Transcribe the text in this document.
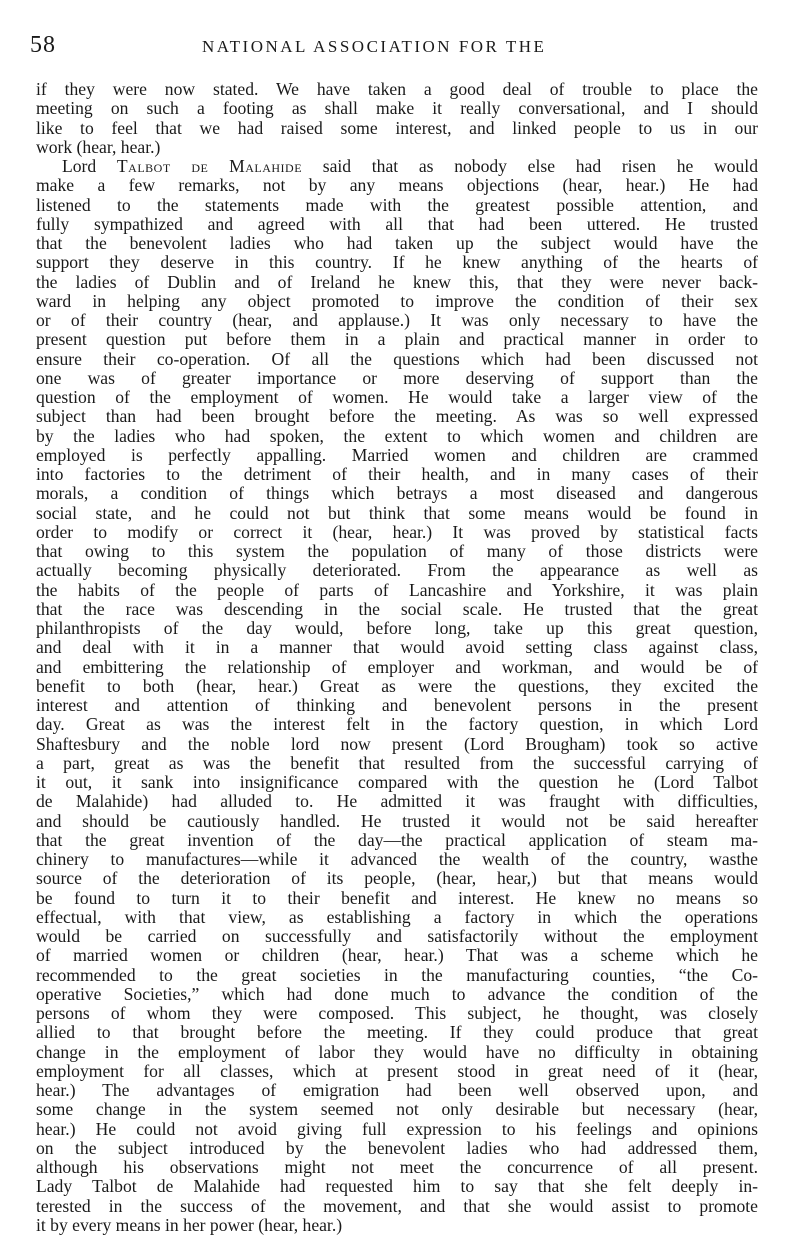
58	NATIONAL ASSOCIATION FOR THE
if they were now stated. We have taken a good deal of trouble to place the
meeting on such a footing as shall make it really conversational, and I should
like to feel that we had raised some interest, and linked people to us in our
work (hear, hear.)
Lord Talbot de Malahide said that as nobody else had risen he would
make a few remarks, not by any means objections (hear, hear.) He had
listened to the statements made with the greatest possible attention, and
fully sympathized and agreed with all that had been uttered. He trusted
that the benevolent ladies who had taken up the subject would have the
support they deserve in this country. If he knew anything of the hearts of
the ladies of Dublin and of Ireland he knew this, that they were never back-
ward in helping any object promoted to improve the condition of their sex
or of their country (hear, and applause.) It was only necessary to have the
present question put before them in a plain and practical manner in order to
ensure their co-operation. Of all the questions which had been discussed not
one was of greater importance or more deserving of support than the
question of the employment of women. He would take a larger view of the
subject than had been brought before the meeting. As was so well expressed
by the ladies who had spoken, the extent to which women and children are
employed is perfectly appalling. Married women and children are crammed
into factories to the detriment of their health, and in many cases of their
morals, a condition of things which betrays a most diseased and dangerous
social state, and he could not but think that some means would be found in
order to modify or correct it (hear, hear.) It was proved by statistical facts
that owing to this system the population of many of those districts were
actually becoming physically deteriorated. From the appearance as well as
the habits of the people of parts of Lancashire and Yorkshire, it was plain
that the race was descending in the social scale. He trusted that the great
philanthropists of the day would, before long, take up this great question,
and deal with it in a manner that would avoid setting class against class,
and embittering the relationship of employer and workman, and would be of
benefit to both (hear, hear.) Great as were the questions, they excited the
interest and attention of thinking and benevolent persons in the present
day. Great as was the interest felt in the factory question, in which Lord
Shaftesbury and the noble lord now present (Lord Brougham) took so active
a part, great as was the benefit that resulted from the successful carrying of
it out, it sank into insignificance compared with the question he (Lord Talbot
de Malahide) had alluded to. He admitted it was fraught with difficulties,
and should be cautiously handled. He trusted it would not be said hereafter
that the great invention of the day—the practical application of steam ma-
chinery to manufactures—while it advanced the wealth of the country, wasthe
source of the deterioration of its people, (hear, hear,) but that means would
be found to turn it to their benefit and interest. He knew no means so
effectual, with that view, as establishing a factory in which the operations
would be carried on successfully and satisfactorily without the employment
of married women or children (hear, hear.) That was a scheme which he
recommended to the great societies in the manufacturing counties, “the Co-
operative Societies,” which had done much to advance the condition of the
persons of whom they were composed. This subject, he thought, was closely
allied to that brought before the meeting. If they could produce that great
change in the employment of labor they would have no difficulty in obtaining
employment for all classes, which at present stood in great need of it (hear,
hear.) The advantages of emigration had been well observed upon, and
some change in the system seemed not only desirable but necessary (hear,
hear.) He could not avoid giving full expression to his feelings and opinions
on the subject introduced by the benevolent ladies who had addressed them,
although his observations might not meet the concurrence of all present.
Lady Talbot de Malahide had requested him to say that she felt deeply in-
terested in the success of the movement, and that she would assist to promote
it by every means in her power (hear, hear.)
